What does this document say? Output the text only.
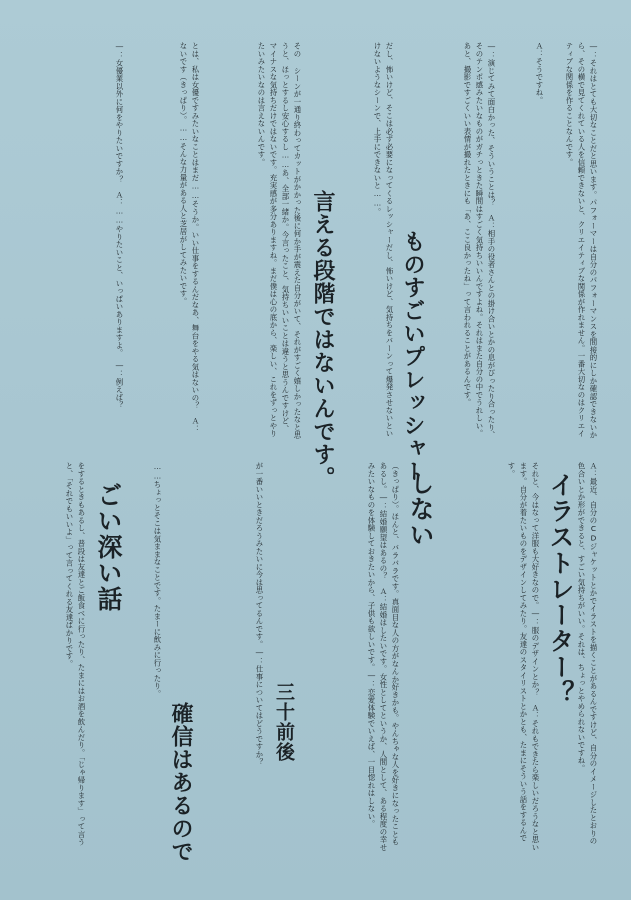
―：それはとても大切なことだと思います。パフォーマーは自分のパフォーマンスを間接的にしか確認できないから、その横で見てくれている人を信頼できないと、クリエイティブな関係が作れません。一番大切なのはクリエイティブな関係を作ることなんです。
Ａ：そうですね。
―：演じてみて面白かった、そういうことは？　Ａ：相手の役者さんとの掛け合いとかの息がぴったり合ったり、そのテンポ感みたいなものがガチっときた瞬間はすごく気持ちいいんですよね。それはまた自分の中でうれしい。あと、撮影ですごくいい表情が撮れたときにも「あ、ここ良かったね」って言われることがあるんです。
ものすごいプレッシャー
だし、怖いけど、そこは必ず必要になってくるレッシャーだし、怖いけど、気持ちをバーンって爆発させないといけないようなシーンで、上手にできないと……。
言える段階ではないんです。
その シーンが一通り終わってカットがかかった後に何か手が震えた自分がいて、それがすごく嬉しかったなと思うと、ほっとするし安心するし……あ、全部一緒か。今言ったこと、気持ちいいことは違うと思うんですけど、マイナスな気持ちだけではないです。充実感が多分ありますね。まだ僕は心の底から、楽しい、これをずっとやりたいみたいなのは言えないんです。
とは、私は女優ですみたいなことはまだ……そうか。いい仕事をするんだなあ、舞台をやる気はないの？　Ａ：ないです（きっぱり）。……そんな力量がある人と芝居がしてみたいです。
―：女優業以外に何をやりたいですか？　Ａ：……やりたいこと、いっぱいありますよ。　―：例えば？
Ａ：最近、自分のCDジャケットとかでイラストを描くことがあるんですけど、自分のイメージしたとおりの色合いとか形ができると、すごい気持ちがいい。それは、ちょっとやめられないですね。
イラストレーター？
それと、今はなって洋服も大好きなので。―：服のデザインとか？　Ａ：それもできたら楽しいだろうなと思います。自分が着たいものをデザインしてみたり。友達のスタイリストとかとも、たまにそういう話をするんです。
しない
（きっぱり）。ほんと、バラバラです。真面目な人の方がなんか好きかも。やんちゃな人を好きになったこともあるし。―：結婚願望はあるの？　Ａ：結婚はしたいです。女性としてというか、人間として、ある程度の幸せみたいなものを体験しておきたいから、子供も欲しいです。―：恋愛体験でいえば、一目惚れはしない。
三十前後
が一番いいときだろうみたいに今は思ってるんです。―：仕事についてはどうですか？
確信はあるので
……ちょっとそこは気ままなことです。たまーに飲みに行ったり。
ごい深い話
をするときもあるし、普段は友達とご飯食べに行ったり、たまにはお酒を飲んだり。「じゃ帰ります」って言うと、「それでもいいよ」って言ってくれる友達ばかりです。
